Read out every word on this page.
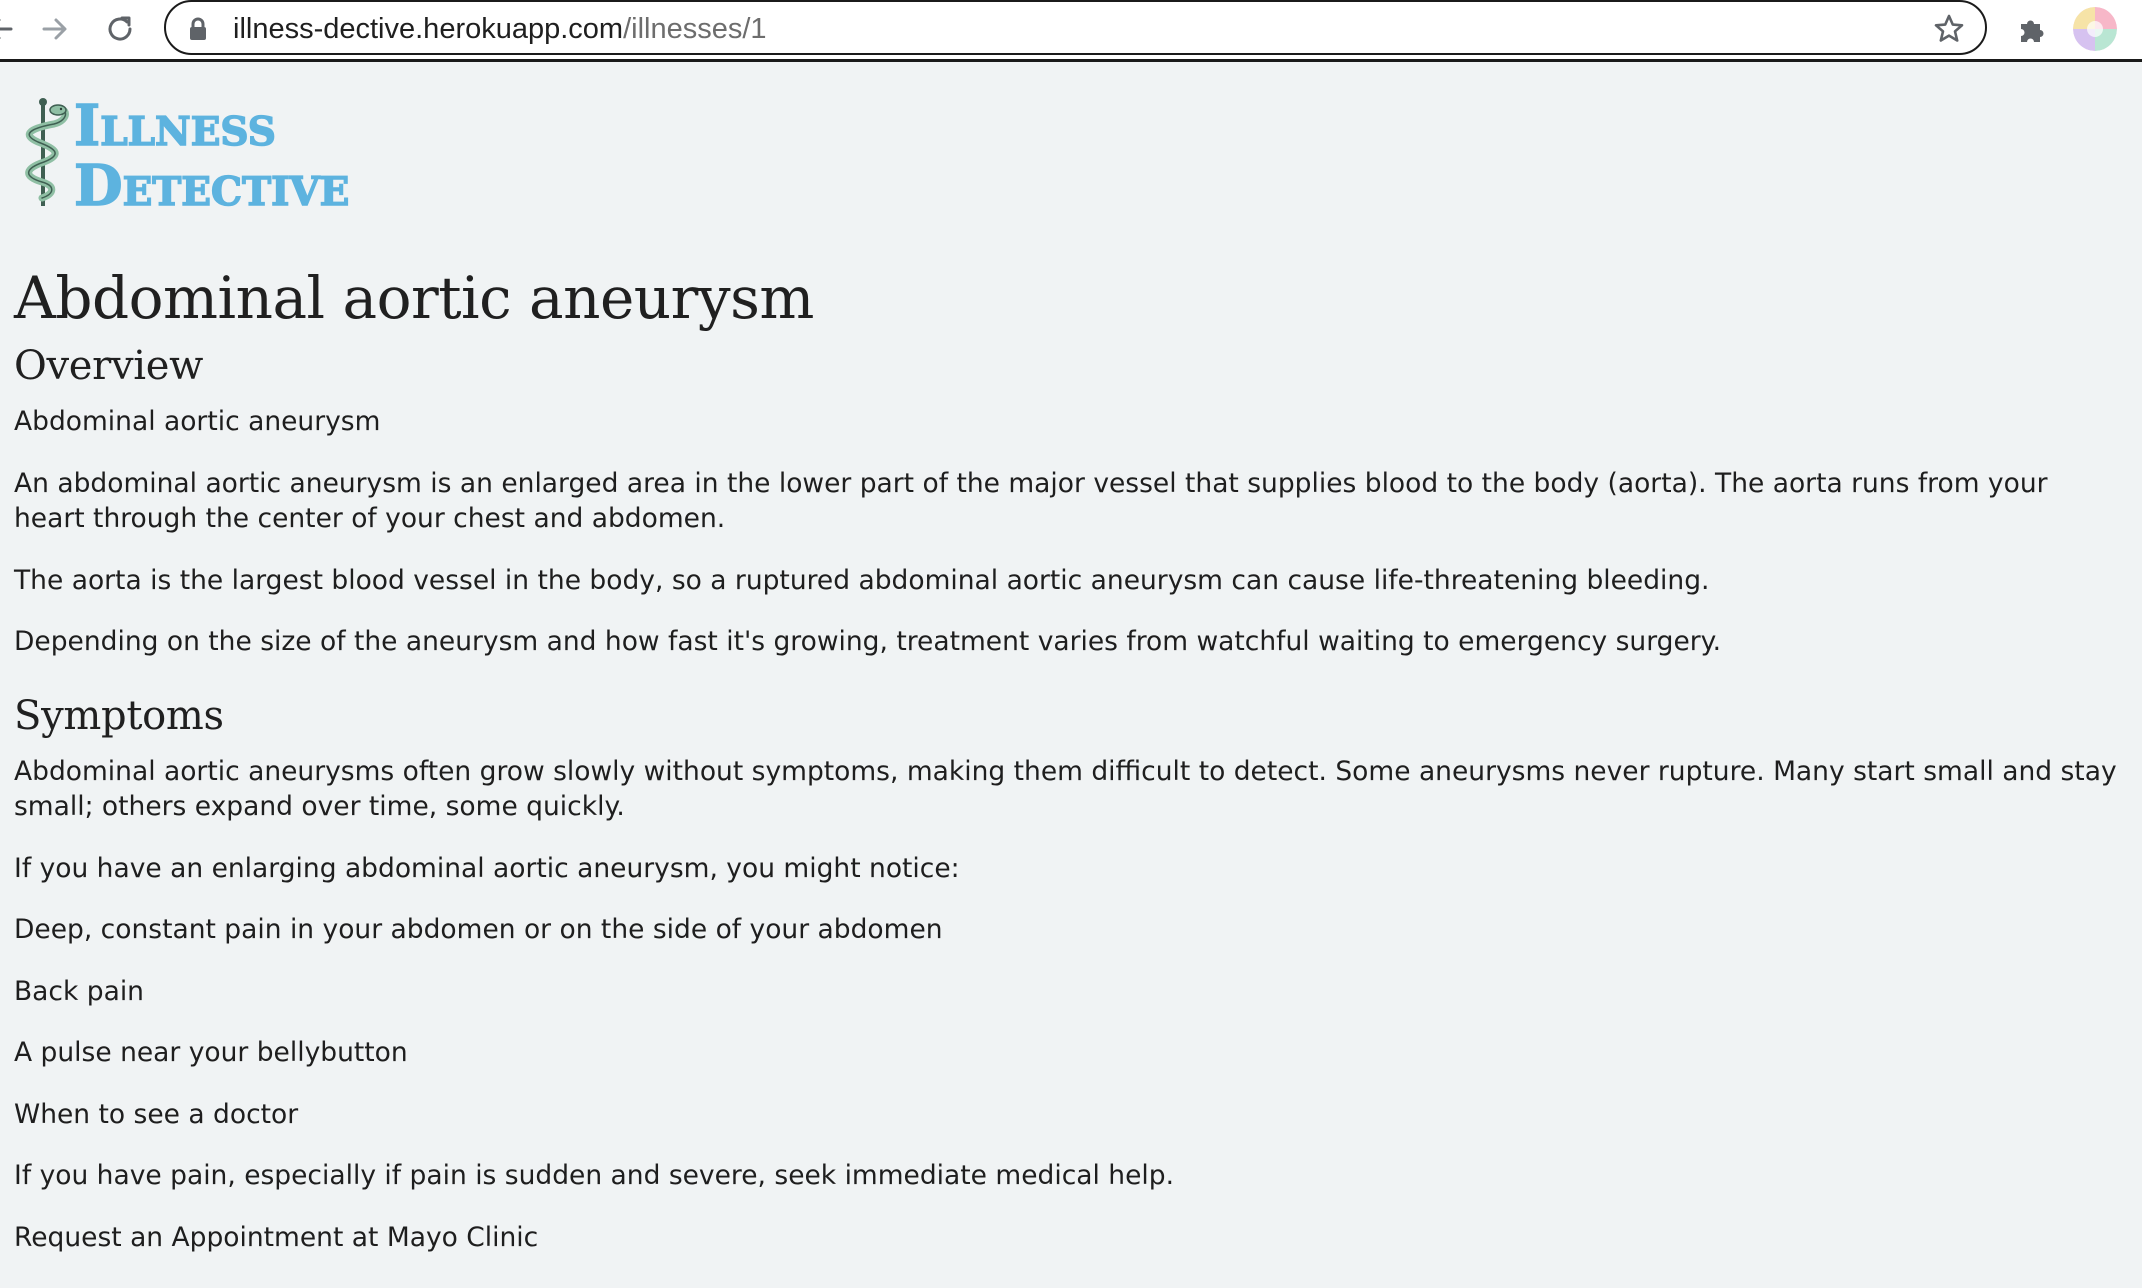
illness-dective.herokuapp.com/illnesses/1
Illness
Detective
Abdominal aortic aneurysm
Overview

Abdominal aortic aneurysm

An abdominal aortic aneurysm is an enlarged area in the lower part of the major vessel that supplies blood to the body (aorta). The aorta runs from your heart through the center of your chest and abdomen.

The aorta is the largest blood vessel in the body, so a ruptured abdominal aortic aneurysm can cause life-threatening bleeding.

Depending on the size of the aneurysm and how fast it's growing, treatment varies from watchful waiting to emergency surgery.

Symptoms

Abdominal aortic aneurysms often grow slowly without symptoms, making them difficult to detect. Some aneurysms never rupture. Many start small and stay small; others expand over time, some quickly.

If you have an enlarging abdominal aortic aneurysm, you might notice:

Deep, constant pain in your abdomen or on the side of your abdomen

Back pain

A pulse near your bellybutton

When to see a doctor

If you have pain, especially if pain is sudden and severe, seek immediate medical help.

Request an Appointment at Mayo Clinic
